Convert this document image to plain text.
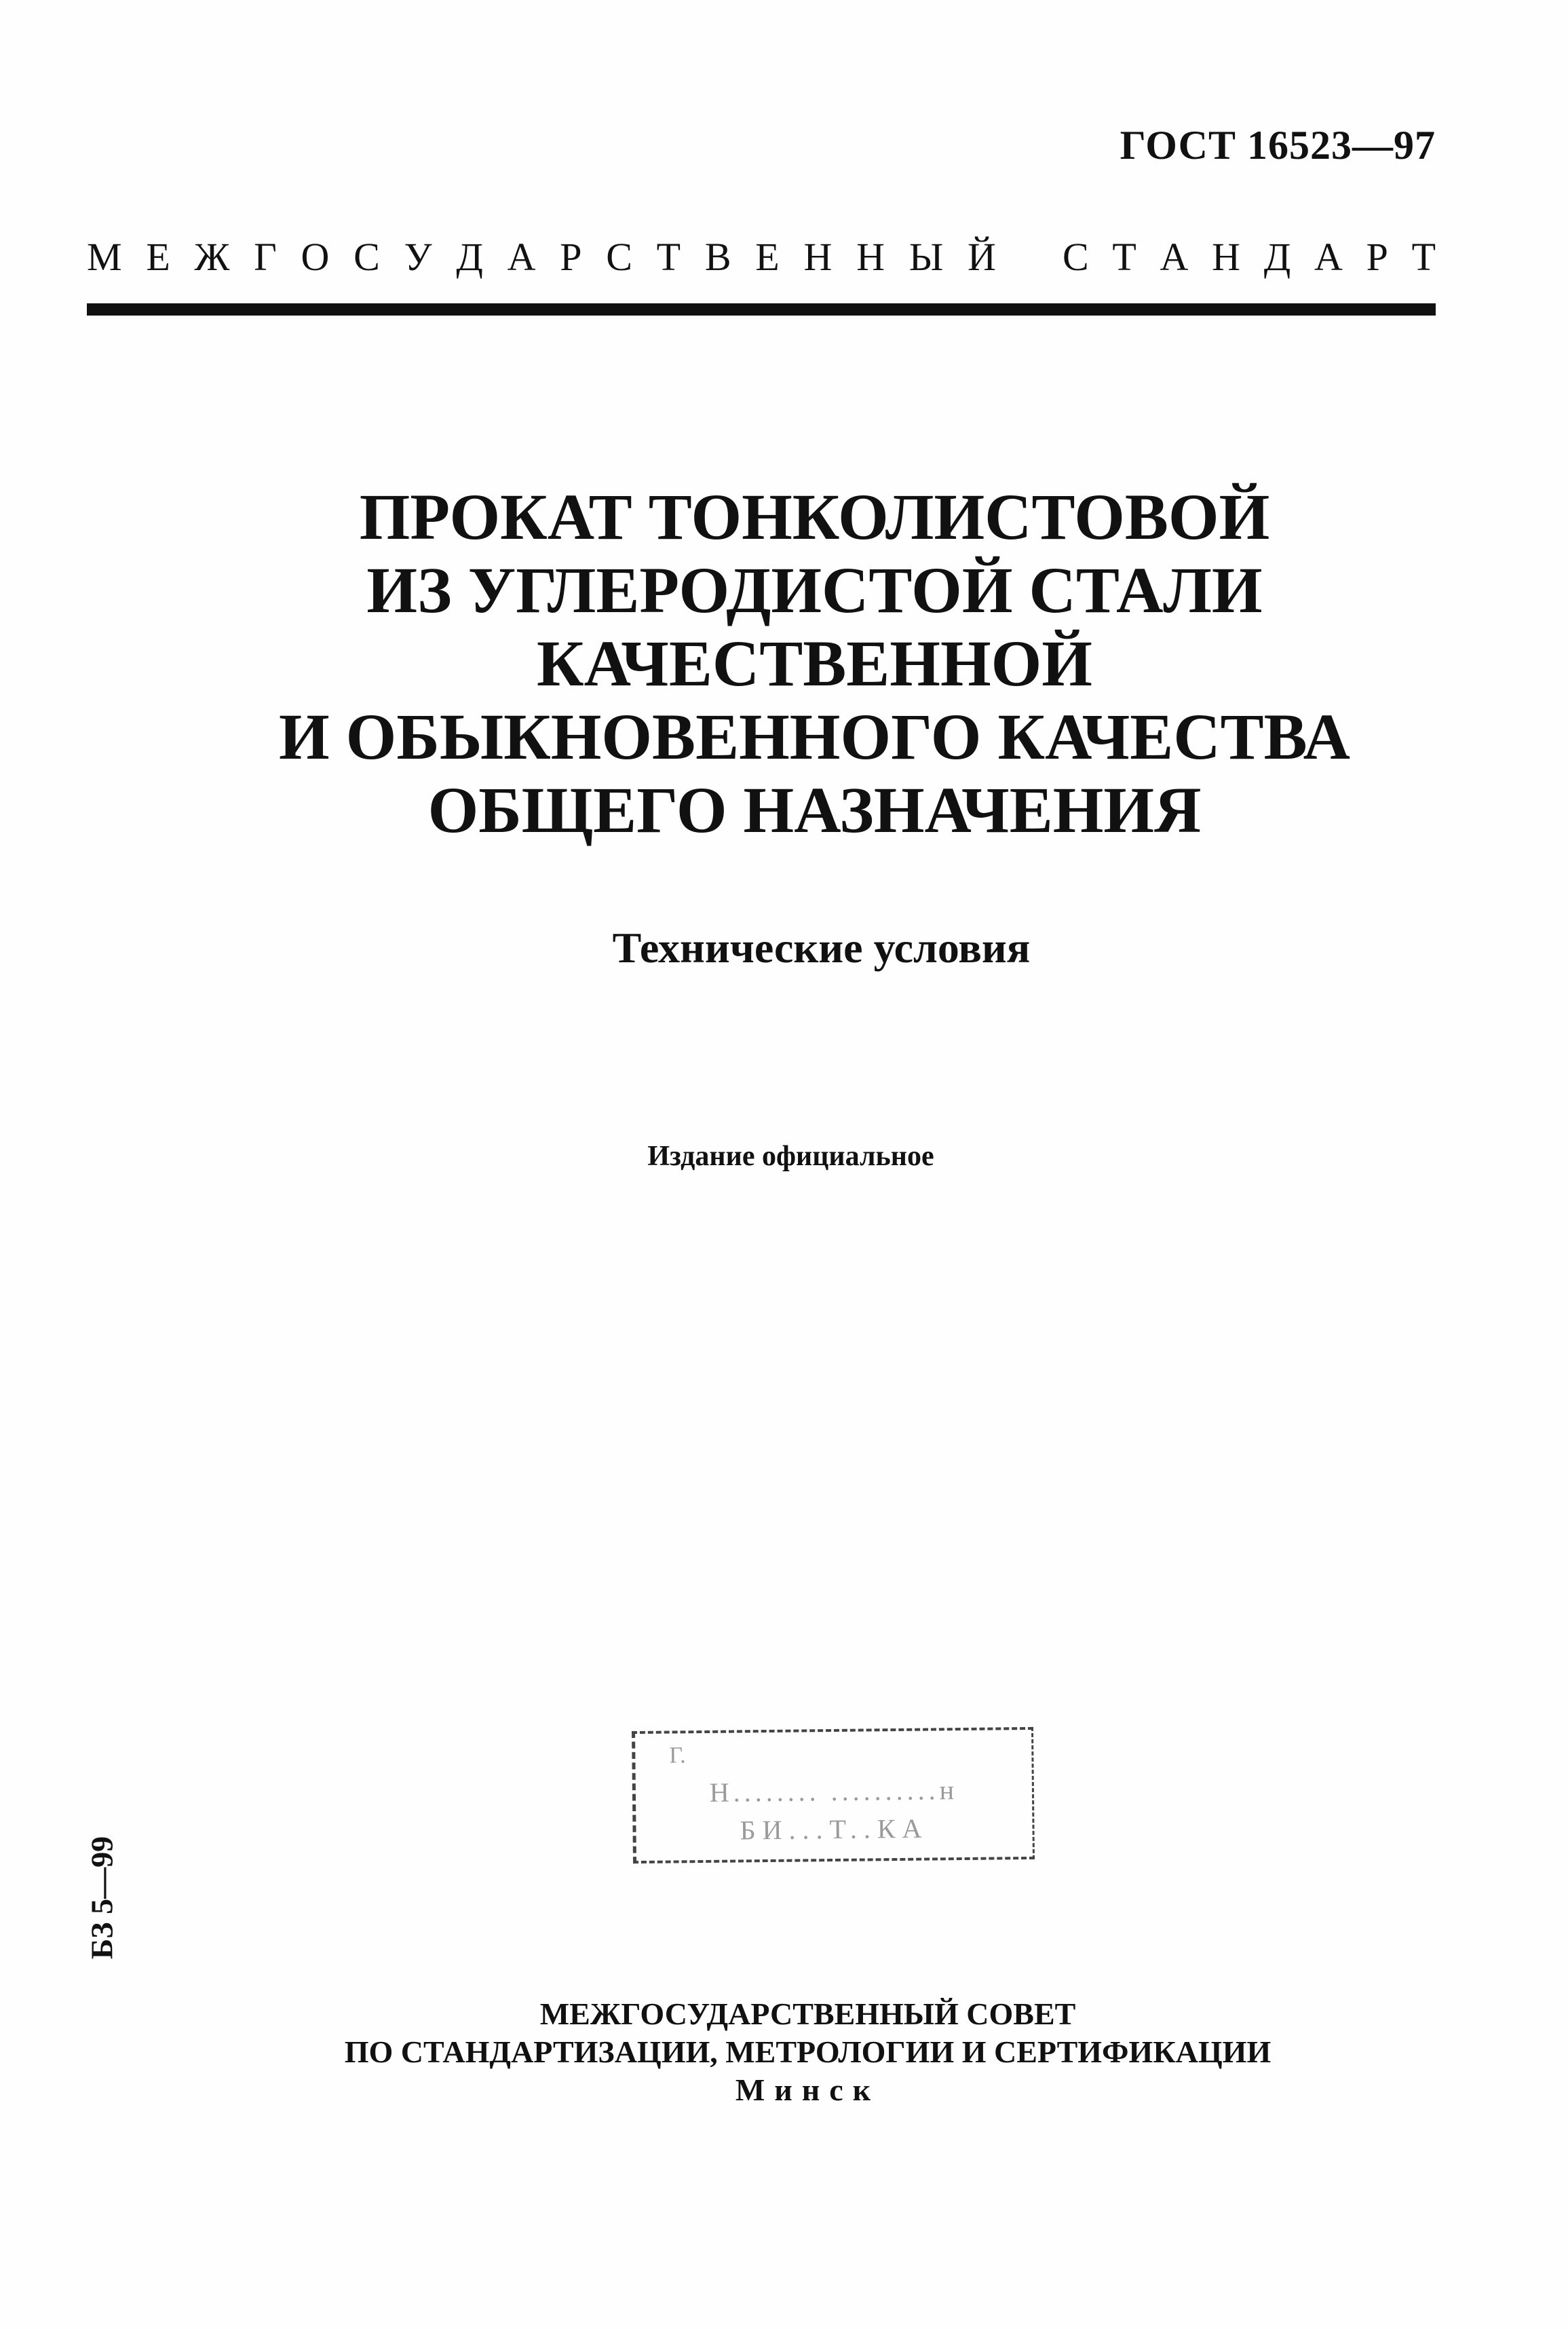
ГОСТ 16523—97
М Е Ж Г О С У Д А Р С Т В Е Н Н Ы Й С Т А Н Д А Р Т
ПРОКАТ ТОНКОЛИСТОВОЙ
ИЗ УГЛЕРОДИСТОЙ СТАЛИ
КАЧЕСТВЕННОЙ
И ОБЫКНОВЕННОГО КАЧЕСТВА
ОБЩЕГО НАЗНАЧЕНИЯ
Технические условия
Издание официальное
Г.
Н........ ..........н
БИ...Т..КА
БЗ 5—99
МЕЖГОСУДАРСТВЕННЫЙ СОВЕТ
ПО СТАНДАРТИЗАЦИИ, МЕТРОЛОГИИ И СЕРТИФИКАЦИИ
Минск
